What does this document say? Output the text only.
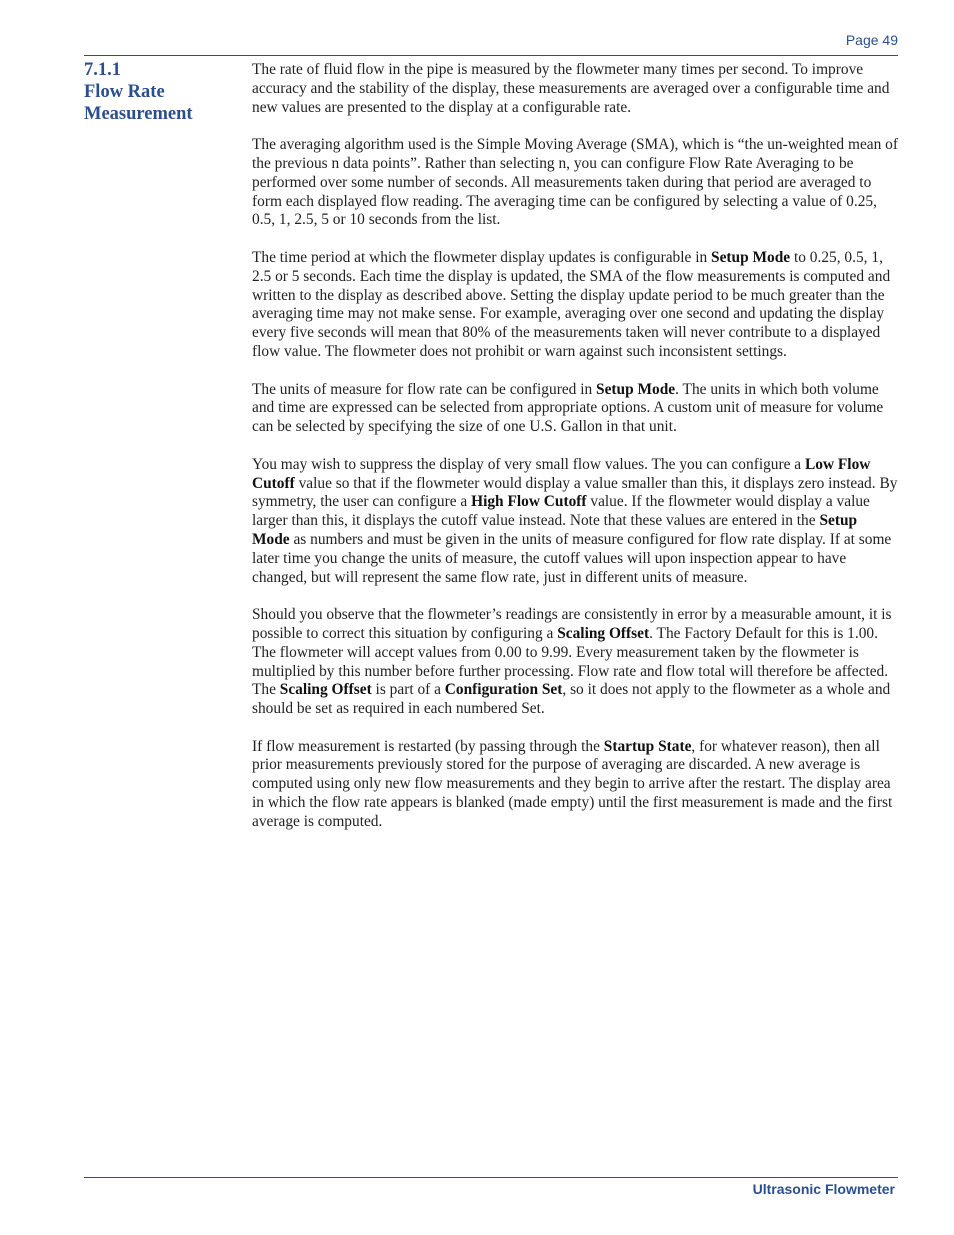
Page 49
7.1.1
Flow Rate
Measurement

The rate of fluid flow in the pipe is measured by the flowmeter many times per second. To improve accuracy and the stability of the display, these measurements are averaged over a configurable time and new values are presented to the display at a configurable rate.

The averaging algorithm used is the Simple Moving Average (SMA), which is “the un-weighted mean of the previous n data points”. Rather than selecting n, you can configure Flow Rate Averaging to be performed over some number of seconds. All measurements taken during that period are averaged to form each displayed flow reading. The averaging time can be configured by selecting a value of 0.25, 0.5, 1, 2.5, 5 or 10 seconds from the list.

The time period at which the flowmeter display updates is configurable in Setup Mode to 0.25, 0.5, 1, 2.5 or 5 seconds. Each time the display is updated, the SMA of the flow measurements is computed and written to the display as described above. Setting the display update period to be much greater than the averaging time may not make sense. For example, averaging over one second and updating the display every five seconds will mean that 80% of the measurements taken will never contribute to a displayed flow value. The flowmeter does not prohibit or warn against such inconsistent settings.

The units of measure for flow rate can be configured in Setup Mode. The units in which both volume and time are expressed can be selected from appropriate options. A custom unit of measure for volume can be selected by specifying the size of one U.S. Gallon in that unit.

You may wish to suppress the display of very small flow values. The you can configure a Low Flow Cutoff value so that if the flowmeter would display a value smaller than this, it displays zero instead. By symmetry, the user can configure a High Flow Cutoff value. If the flowmeter would display a value larger than this, it displays the cutoff value instead. Note that these values are entered in the Setup Mode as numbers and must be given in the units of measure configured for flow rate display. If at some later time you change the units of measure, the cutoff values will upon inspection appear to have changed, but will represent the same flow rate, just in different units of measure.

Should you observe that the flowmeter’s readings are consistently in error by a measurable amount, it is possible to correct this situation by configuring a Scaling Offset. The Factory Default for this is 1.00. The flowmeter will accept values from 0.00 to 9.99. Every measurement taken by the flowmeter is multiplied by this number before further processing. Flow rate and flow total will therefore be affected. The Scaling Offset is part of a Configuration Set, so it does not apply to the flowmeter as a whole and should be set as required in each numbered Set.

If flow measurement is restarted (by passing through the Startup State, for whatever reason), then all prior measurements previously stored for the purpose of averaging are discarded. A new average is computed using only new flow measurements and they begin to arrive after the restart. The display area in which the flow rate appears is blanked (made empty) until the first measurement is made and the first average is computed.

Ultrasonic Flowmeter
